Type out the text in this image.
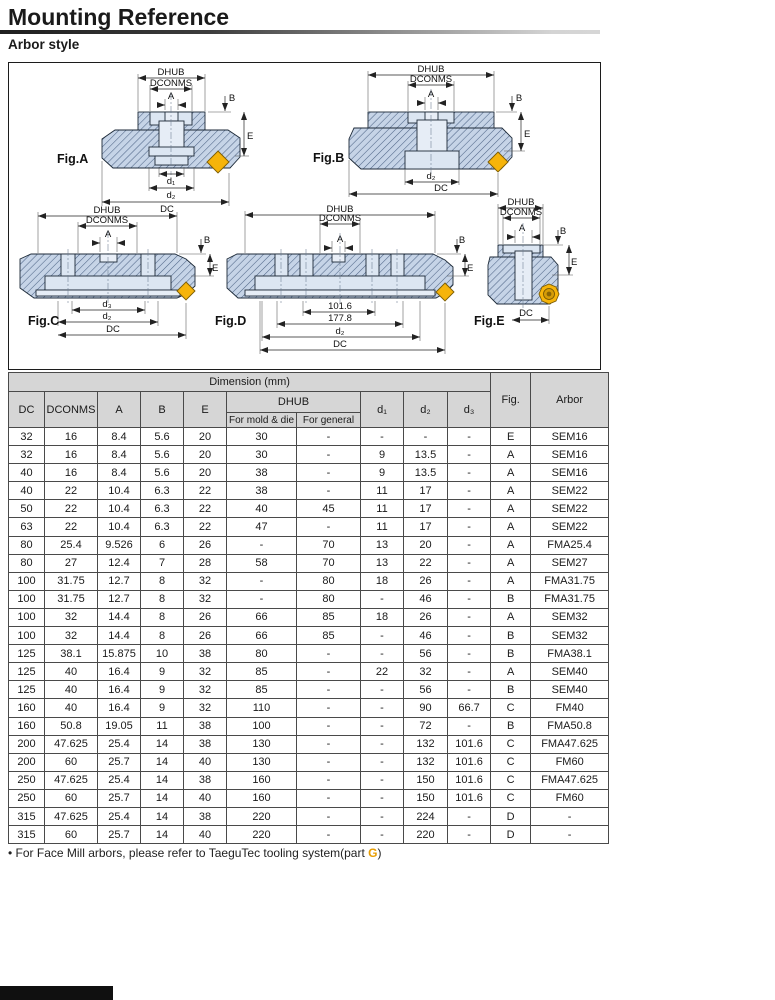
Mounting Reference
Arbor style
DHUB
DCONMS
A	B
E
d₁
d₂
DC
Fig.A
DHUB
DCONMS
A	B
E
d₂
DC
Fig.B
DHUB
DCONMS
A
B
E
d₃
d₂
DC
Fig.C
DHUB
DCONMS
A	B
E
101.6
177.8
d₂
DC
Fig.D
DHUB
DCONMS
A	B
E
DC
Fig.E
Dimension (mm)										Fig.	Arbor
DC	DCONMS	A	B	E	DHUB		d₁	d₂	d₃		
					For mold & die	For general					
32	16	8.4	5.6	20	30	-	-	-	-	E	SEM16
32	16	8.4	5.6	20	30	-	9	13.5	-	A	SEM16
40	16	8.4	5.6	20	38	-	9	13.5	-	A	SEM16
40	22	10.4	6.3	22	38	-	11	17	-	A	SEM22
50	22	10.4	6.3	22	40	45	11	17	-	A	SEM22
63	22	10.4	6.3	22	47	-	11	17	-	A	SEM22
80	25.4	9.526	6	26	-	70	13	20	-	A	FMA25.4
80	27	12.4	7	28	58	70	13	22	-	A	SEM27
100	31.75	12.7	8	32	-	80	18	26	-	A	FMA31.75
100	31.75	12.7	8	32	-	80	-	46	-	B	FMA31.75
100	32	14.4	8	26	66	85	18	26	-	A	SEM32
100	32	14.4	8	26	66	85	-	46	-	B	SEM32
125	38.1	15.875	10	38	80	-	-	56	-	B	FMA38.1
125	40	16.4	9	32	85	-	22	32	-	A	SEM40
125	40	16.4	9	32	85	-	-	56	-	B	SEM40
160	40	16.4	9	32	110	-	-	90	66.7	C	FM40
160	50.8	19.05	11	38	100	-	-	72	-	B	FMA50.8
200	47.625	25.4	14	38	130	-	-	132	101.6	C	FMA47.625
200	60	25.7	14	40	130	-	-	132	101.6	C	FM60
250	47.625	25.4	14	38	160	-	-	150	101.6	C	FMA47.625
250	60	25.7	14	40	160	-	-	150	101.6	C	FM60
315	47.625	25.4	14	38	220	-	-	224	-	D	-
315	60	25.7	14	40	220	-	-	220	-	D	-
• For Face Mill arbors, please refer to TaeguTec tooling system(part G)
